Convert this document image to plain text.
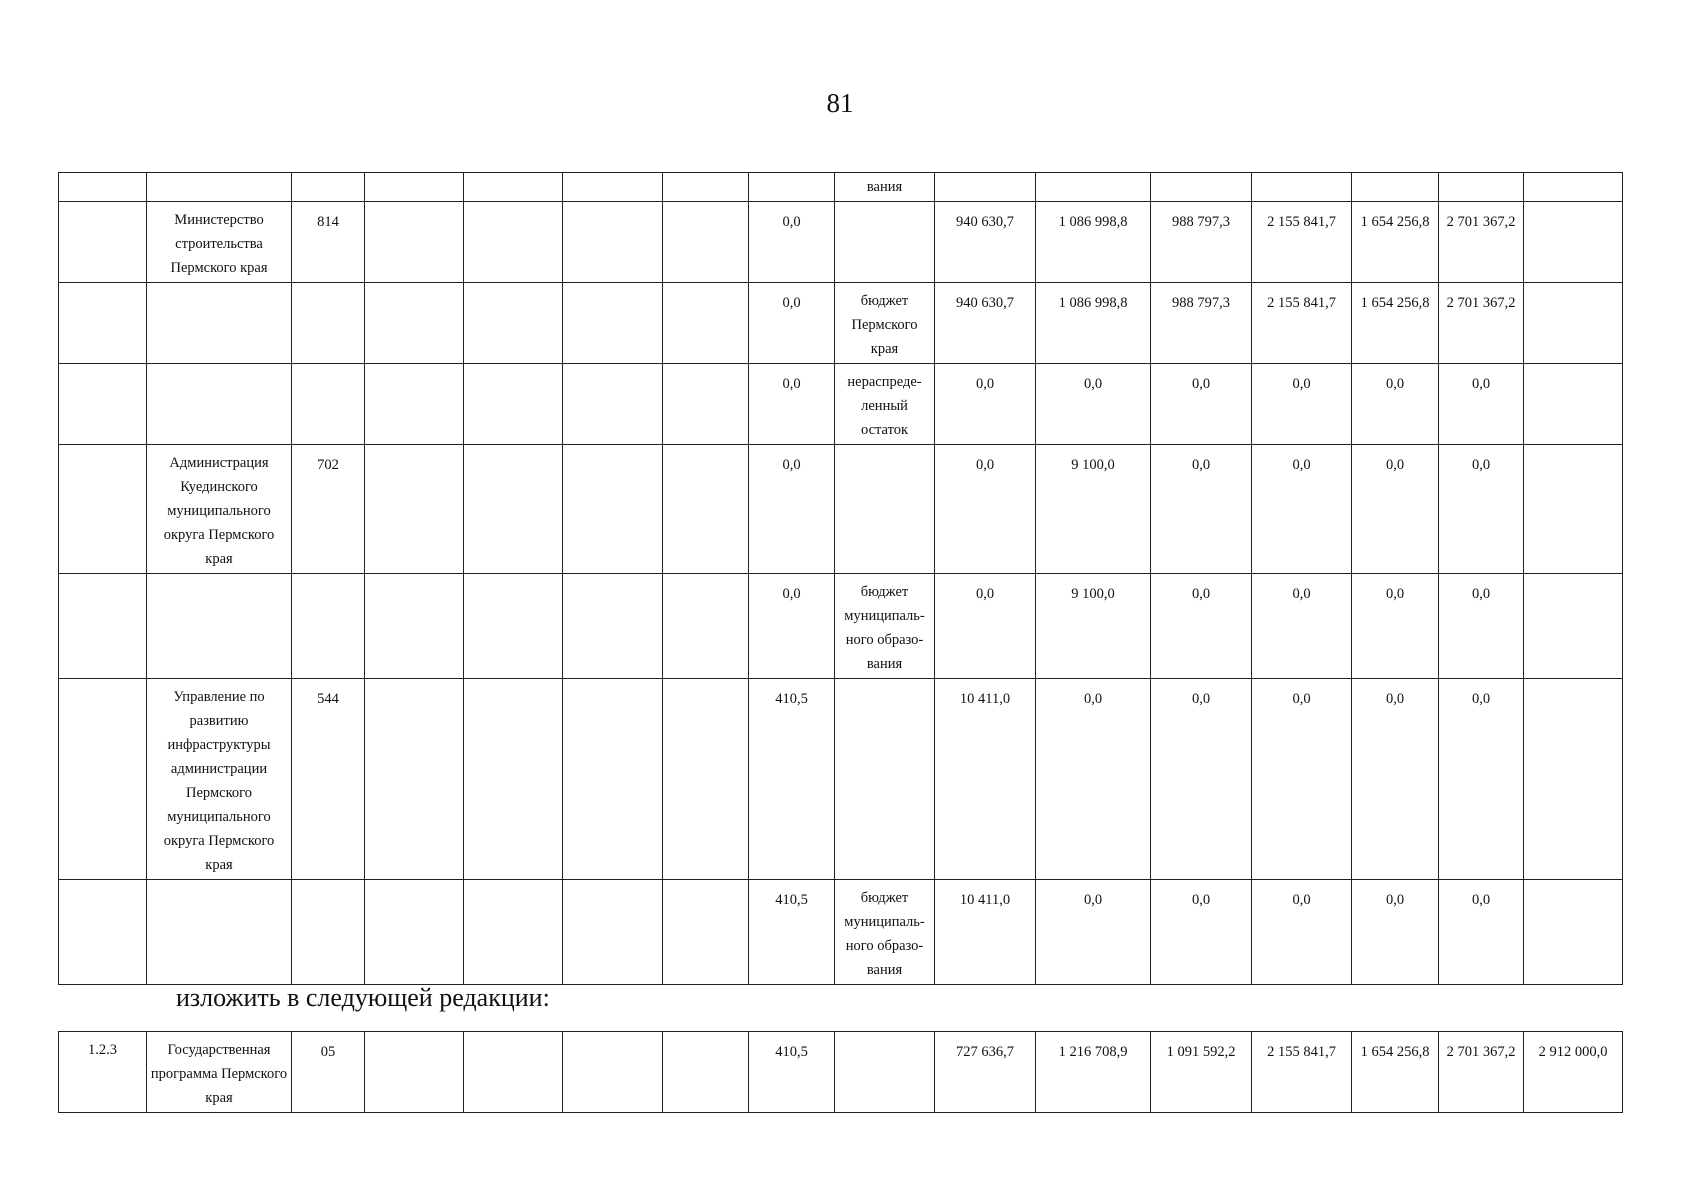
81
								вания							
	Министерство строительства Пермского края	814					0,0		940 630,7	1 086 998,8	988 797,3	2 155 841,7	1 654 256,8	2 701 367,2	
							0,0	бюджет Пермского края	940 630,7	1 086 998,8	988 797,3	2 155 841,7	1 654 256,8	2 701 367,2	
							0,0	нераспреде-ленный остаток	0,0	0,0	0,0	0,0	0,0	0,0	
	Администрация Куединского муниципального округа Пермского края	702					0,0		0,0	9 100,0	0,0	0,0	0,0	0,0	
							0,0	бюджет муниципаль-ного образо-вания	0,0	9 100,0	0,0	0,0	0,0	0,0	
	Управление по развитию инфраструктуры администрации Пермского муниципального округа Пермского края	544					410,5		10 411,0	0,0	0,0	0,0	0,0	0,0	
							410,5	бюджет муниципаль-ного образо-вания	10 411,0	0,0	0,0	0,0	0,0	0,0	
изложить в следующей редакции:
1.2.3	Государственная программа Пермского края	05					410,5		727 636,7	1 216 708,9	1 091 592,2	2 155 841,7	1 654 256,8	2 701 367,2	2 912 000,0
